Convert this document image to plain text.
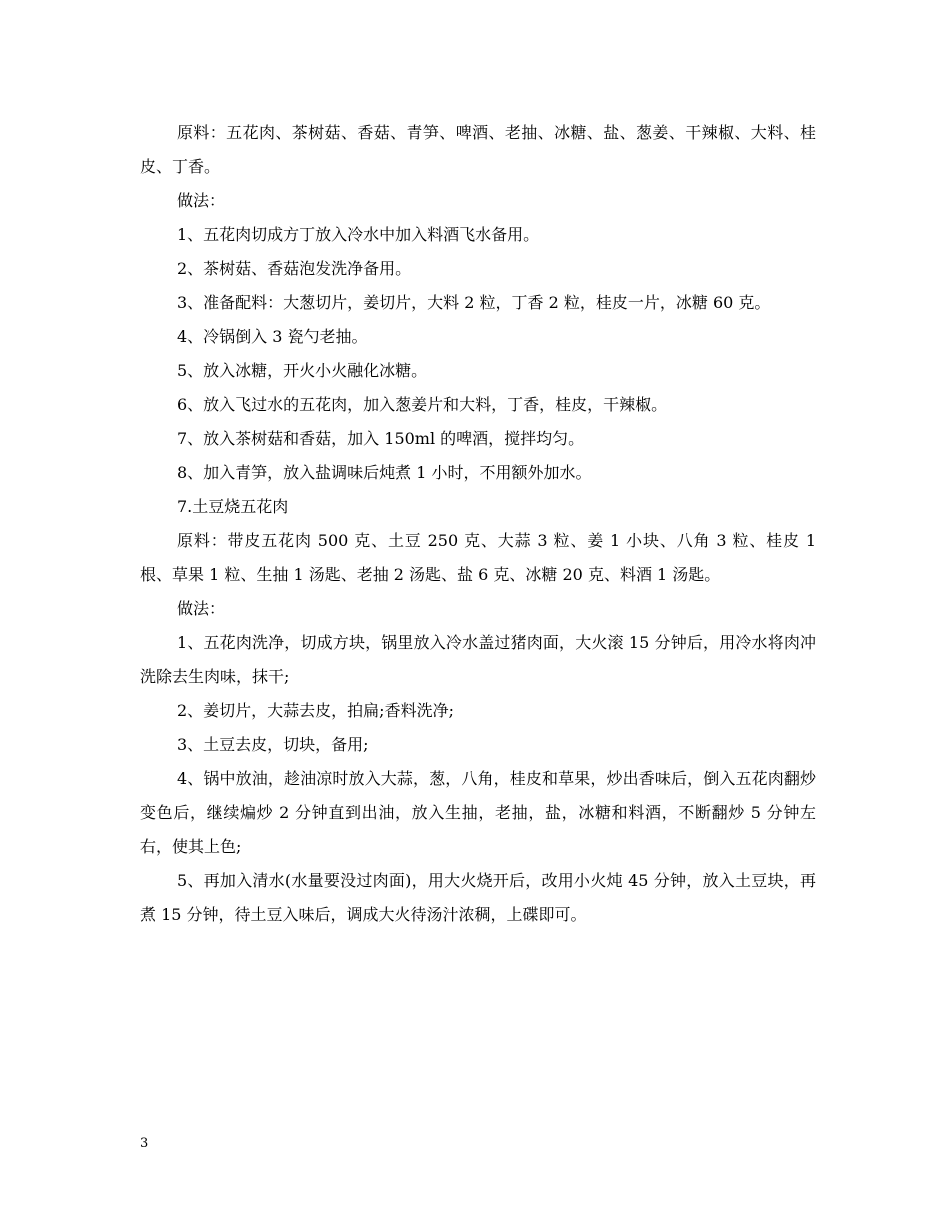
原料：五花肉、茶树菇、香菇、青笋、啤酒、老抽、冰糖、盐、葱姜、干辣椒、大料、桂皮、丁香。

做法：

1、五花肉切成方丁放入冷水中加入料酒飞水备用。

2、茶树菇、香菇泡发洗净备用。

3、准备配料：大葱切片，姜切片，大料 2 粒，丁香 2 粒，桂皮一片，冰糖 60 克。

4、冷锅倒入 3 瓷勺老抽。

5、放入冰糖，开火小火融化冰糖。

6、放入飞过水的五花肉，加入葱姜片和大料，丁香，桂皮，干辣椒。

7、放入茶树菇和香菇，加入 150ml 的啤酒，搅拌均匀。

8、加入青笋，放入盐调味后炖煮 1 小时，不用额外加水。

7.土豆烧五花肉

原料：带皮五花肉 500 克、土豆 250 克、大蒜 3 粒、姜 1 小块、八角 3 粒、桂皮 1 根、草果 1 粒、生抽 1 汤匙、老抽 2 汤匙、盐 6 克、冰糖 20 克、料酒 1 汤匙。

做法：

1、五花肉洗净，切成方块，锅里放入冷水盖过猪肉面，大火滚 15 分钟后，用冷水将肉冲洗除去生肉味，抹干;

2、姜切片，大蒜去皮，拍扁;香料洗净;

3、土豆去皮，切块，备用;

4、锅中放油，趁油凉时放入大蒜，葱，八角，桂皮和草果，炒出香味后，倒入五花肉翻炒变色后，继续煸炒 2 分钟直到出油，放入生抽，老抽，盐，冰糖和料酒，不断翻炒 5 分钟左右，使其上色;

5、再加入清水(水量要没过肉面)，用大火烧开后，改用小火炖 45 分钟，放入土豆块，再煮 15 分钟，待土豆入味后，调成大火待汤汁浓稠，上碟即可。

3
